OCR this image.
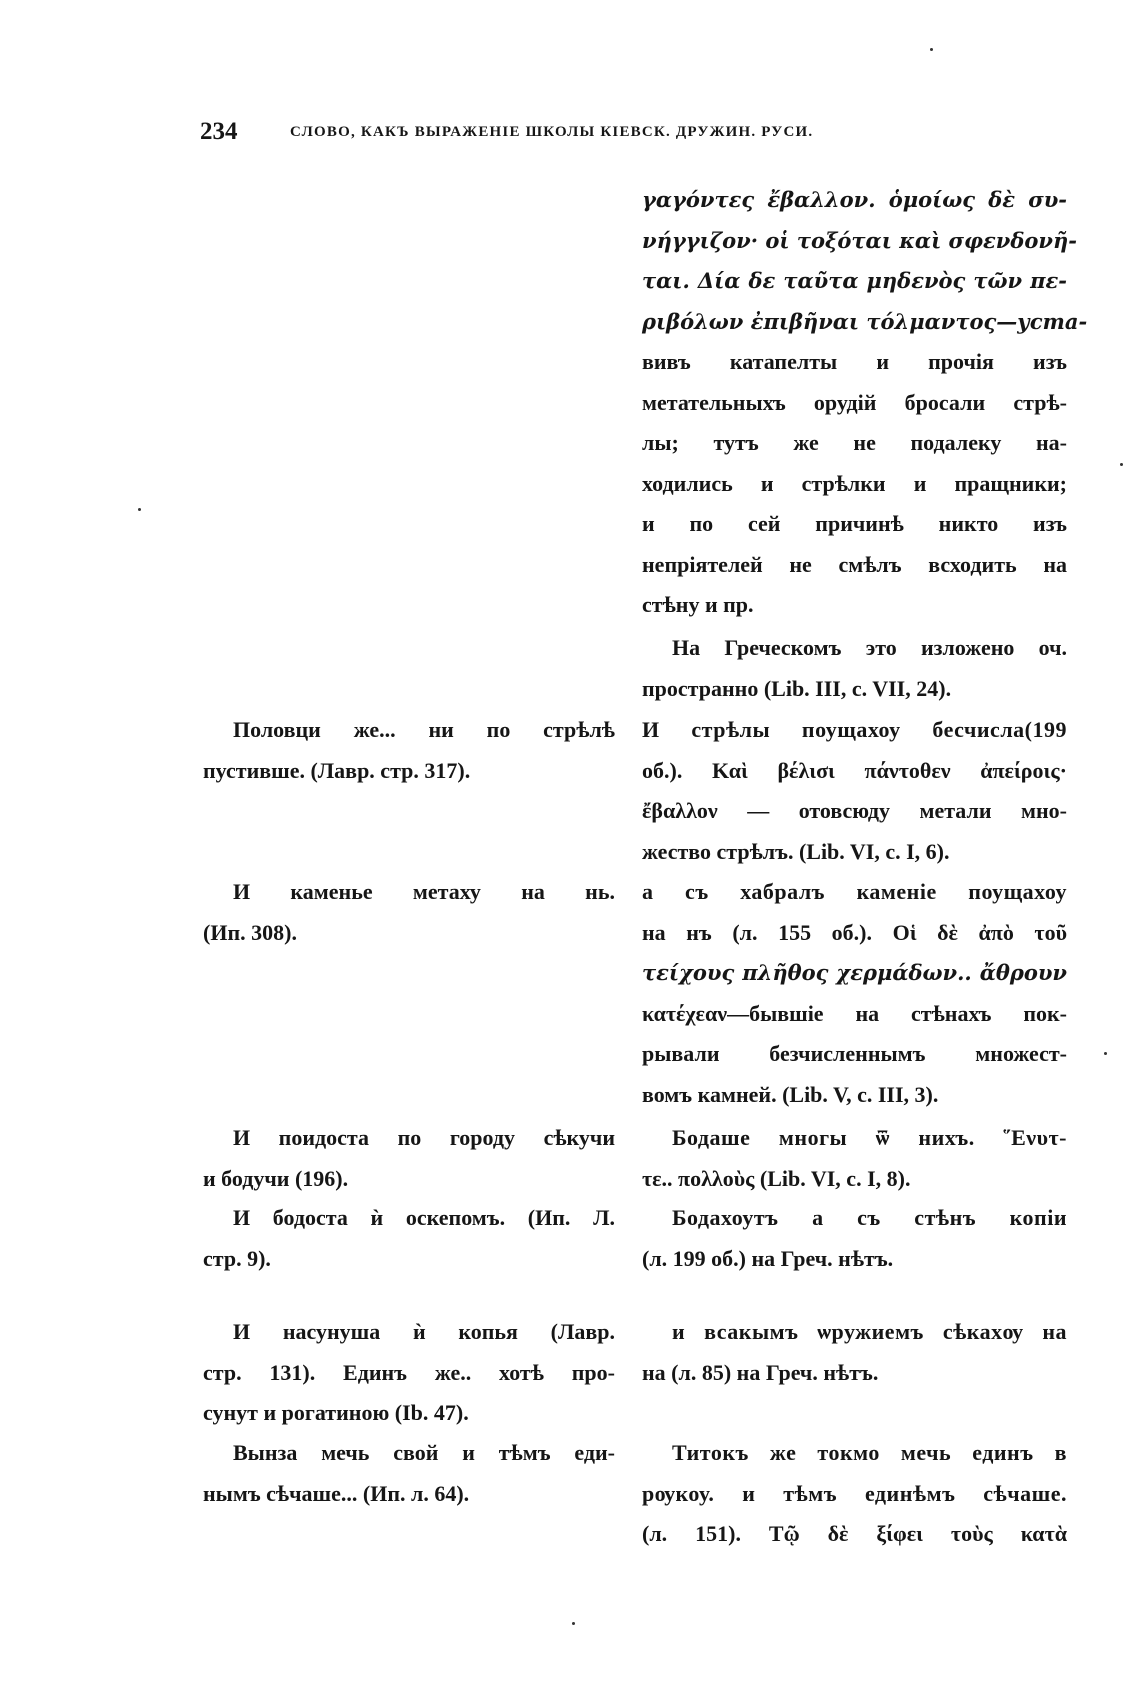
234	СЛОВО, КАКЪ ВЫРАЖЕНІЕ ШКОЛЫ КІЕВСК. ДРУЖИН. РУСИ.
Половци же... ни по стрѣлѣ
пустивше. (Лавр. стр. 317).
И каменье метаху на нь.
(Ип. 308).
И поидоста по городу сѣкучи
и бодучи (196).
И бодоста ѝ оскепомъ. (Ип. Л.
стр. 9).
И насунуша ѝ копья (Лавр.
стр. 131). Единъ же.. хотѣ про-
сунут и рогатиною (Ib. 47).
Вынза мечь свой и тѣмъ еди-
нымъ сѣчаше... (Ип. л. 64).
γαγόντες ἔβαλλον. ὁμοίως δὲ συ-
νήγγιζον· οἱ τοξόται καὶ σφενδονῆ-
ται. Δία δε ταῦτα μηδενὸς τῶν πε-
ριβόλων ἐπιβῆναι τόλμαντος—уста-
вивъ катапелты и прочія изъ
метательныхъ орудій бросали стрѣ-
лы; тутъ же не подалеку на-
ходились и стрѣлки и пращники;
и по сей причинѣ никто изъ
непріятелей не смѣлъ всходить на
стѣну и пр.
На Греческомъ это изложено оч.
пространно (Lib. III, c. VII, 24).
И стрѣлы поущахоу бесчисла(199
об.). Καὶ βέλισι πάντοθεν ἀπείροις·
ἔβαλλον — отовсюду метали мно-
жество стрѣлъ. (Lib. VI, c. I, 6).
а съ хабралъ каменіе поущахоу
на нъ (л. 155 об.). Οἱ δὲ ἀπὸ τοῦ
τείχους πλῆθος χερμάδων.. ἄθρουν
κατέχεαν—бывшіе на стѣнахъ пок-
рывали безчисленнымъ множест-
вомъ камней. (Lib. V, c. III, 3).
Бодаше многы ѿ нихъ. ῞Ενυτ-
τε.. πολλοὺς (Lib. VI, c. I, 8).
Бодахоутъ а съ стѣнъ копіи
(л. 199 об.) на Греч. нѣтъ.
и всакымъ ѡружиемъ сѣкахѹ на
на (л. 85) на Греч. нѣтъ.
Титокъ же токмо мечь единъ в
рѹкоу. и тѣмъ единѣмъ сѣчаше.
(л. 151). Τῷ δὲ ξίφει τοὺς κατὰ
